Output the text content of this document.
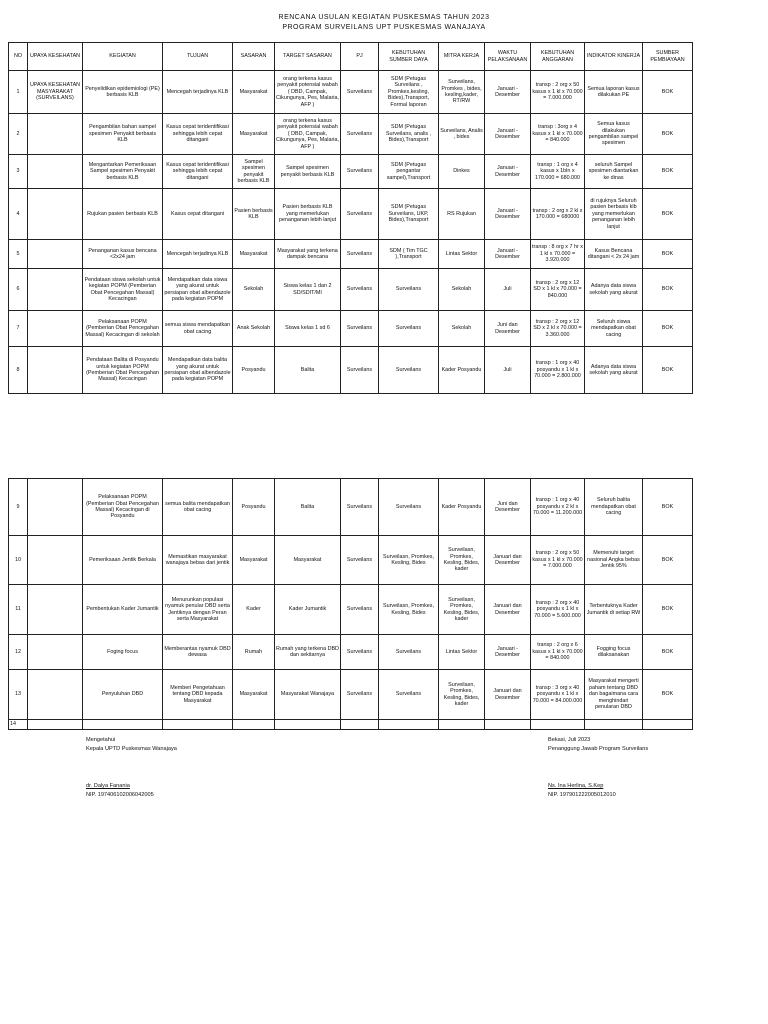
RENCANA USULAN KEGIATAN PUSKESMAS TAHUN 2023
PROGRAM SURVEILANS UPT PUSKESMAS WANAJAYA
NO	UPAYA KESEHATAN	KEGIATAN	TUJUAN	SASARAN	TARGET SASARAN	PJ	KEBUTUHAN SUMBER DAYA	MITRA KERJA	WAKTU PELAKSANAAN	KEBUTUHAN ANGGARAN	INDIKATOR KINERJA	SUMBER PEMBIAYAAN
1	UPAYA KESEHATAN MASYARAKAT (SURVEILANS)	Penyelidikan epidemiologi (PE) berbasis KLB	Mencegah terjadinya KLB	Masyarakat	orang terkena kasus penyakit potensial wabah ( DBD, Campak, Cikungunya, Pes, Malaria, AFP )	Surveilans	SDM (Petugas Surveilans , Promkes,kesling, Bides),Transport, Formal laporan	Surveilans, Promkes , bides, kesling,kader, RT/RW	Januari - Desember	transp : 2 org x 50 kasus x 1 kl x 70.000 = 7.000.000	Semua laporan kasus dilakukan PE	BOK
2		Pengambilan bahan sampel spesimen Penyakit berbasis KLB	Kasus cepat teridentifikasi sehingga lebih cepat ditangani	Masyarakat	orang terkena kasus penyakit potensial wabah ( DBD, Campak, Cikungunya, Pes, Malaria, AFP )	Surveilans	SDM (Petugas Surveilans, analis , Bides),Transport	Surveilans, Analis , bides	Januari - Desember	transp : 3org x 4 kasus x 1 kl x 70.000 = 840.000	Semua kasus dilakukan pengambilan sampel spesimen	BOK
3		Mengantarkan Pemeriksaan Sampel spesimen Penyakit berbasis KLB	Kasus cepat teridentifikasi sehingga lebih cepat ditangani	Sampel spesimen penyakit berbasis KLB	Sampel spesimen penyakit berbasis KLB	Surveilans	SDM (Petugas pengantar sampel),Transport	Dinkes	Januari - Desember	transp : 1 org x 4 kasus x 1bln x 170.000 = 680.000	seluruh Sampel spesimen diantarkan ke dinas	BOK
4		Rujukan pasien berbasis KLB	Kasus cepat ditangani	Pasien berbasis KLB	Pasien berbasis KLB yang memerlukan penanganan lebih lanjut	Surveilans	SDM (Petugas Surveilans, UKP, Bides),Transport	RS Rujukan	Januari - Desember	transp : 2 org x 2 kl x 170.000 = 680000	di rujuknya Seluruh pasien berbasis klb yang memerlukan penanganan lebih lanjut	BOK
5		Penanganan kasus bencana <2x24 jam	Mencegah terjadinya KLB	Masyarakat	Masyarakat yang terkena dampak bencana	Surveilans	SDM ( Tim TGC ),Transport	Lintas Sektor	Januari - Desember	transp : 8 org x 7 hr x 1 kl x 70.000 = 3.920.000	Kasus Bencana ditangani < 2x 24 jam	BOK
6		Pendataan siswa sekolah untuk kegiatan POPM (Pemberian Obat Pencegahan Massal) Kecacingan	Mendapatkan data siswa yang akurat untuk persiapan obat albendazole pada kegiatan POPM	Sekolah	Siswa kelas 1 dan 2 SD/SDIT/MI	Surveilans	Surveilans	Sekolah	Juli	transp : 2 org x 12 SD x 1 kl x 70.000 = 840.000	Adanya data siswa sekolah yang akurat	BOK
7		Pelaksanaan POPM (Pemberian Obat Pencegahan Massal) Kecacingan di sekolah	semua siswa mendapatkan obat cacing	Anak Sekolah	Siswa kelas 1 sd 6	Surveilans	Surveilans	Sekolah	Juni dan Desember	transp : 2 org x 12 SD x 2 kl x 70.000 = 3.360.000	Seluruh siswa mendapatkan obat cacing	BOK
8		Pendataan Balita di Posyandu untuk kegiatan POPM (Pemberian Obat Pencegahan Massal) Kecacingan	Mendapatkan data balita yang akurat untuk persiapan obat albendazole pada kegiatan POPM	Posyandu	Balita	Surveilans	Surveilans	Kader Posyandu	Juli	transp : 1 org x 40 posyandu x 1 kl x 70.000 = 2.800.000	Adanya data siswa sekolah yang akurat	BOK
9		Pelaksanaan POPM (Pemberian Obat Pencegahan Massal) Kecacingan di Posyandu	semua balita mendapatkan obat cacing	Posyandu	Balita	Surveilans	Surveilans	Kader Posyandu	Juni dan Desember	transp : 1 org x 40 posyandu x 2 kl x 70.000 = 11.200.000	Seluruh balita mendapatkan obat cacing	BOK
10		Pemeriksaan Jentik Berkala	Memastikan masyarakat wanajaya bebas dari jentik	Masyarakat	Masyarakat	Surveilans	Surveilasn, Promkes, Kesling, Bides	Surveilasn, Promkes, Kesling, Bides, kader	Januari dan Desember	transp : 2 org x 50 kasus x 1 kl x 70.000 = 7.000.000	Memenuhi target nasional Angka bebas Jentik 95%	BOK
11		Pembentukan Kader Jumantik	Menurunkan populasi nyamuk penular DBD serta Jentiknya dengan Peran serta Masyarakat	Kader	Kader Jumantik	Surveilans	Surveilasn, Promkes, Kesling, Bides	Surveilasn, Promkes, Kesling, Bides, kader	Januari dan Desember	transp : 2 org x 40 posyandu x 1 kl x 70.000 = 5.600.000	Terbentuknya Kader Jumantik di setiap RW	BOK
12		Foging focus	Memberantas nyamuk DBD dewasa	Rumah	Rumah yang terkena DBD dan sekitarnya	Surveilans	Surveilans	Lintas Sektor	Januari - Desember	transp : 2 org x 6 kasus x 1 kl x 70.000 = 840.000	Fogging focus dilaksanakan	BOK
13		Penyuluhan DBD	Memberi Pengetahuan tentang DBD kepada Masyarakat	Masyarakat	Masyarakat Wanajaya	Surveilans	Surveilans	Surveilasn, Promkes, Kesling, Bides, kader	Januari dan Desember	transp : 3 org x 40 posyandu x 1 kl x 70.000 = 84.000.000	Masyarakat mengerti paham tentang DBD dan bagaimana cara menghindari penularan DBD	BOK
14												
Mengetahui
Kepala UPTD Puskesmas Wanajaya
dr. Dalya Fanania
NIP. 197406102006042005
Bekasi, Juli 2023
Penanggung Jawab Program Surveilans
Ns. Ina Herlina, S.Kep
NIP. 197901222005012010
